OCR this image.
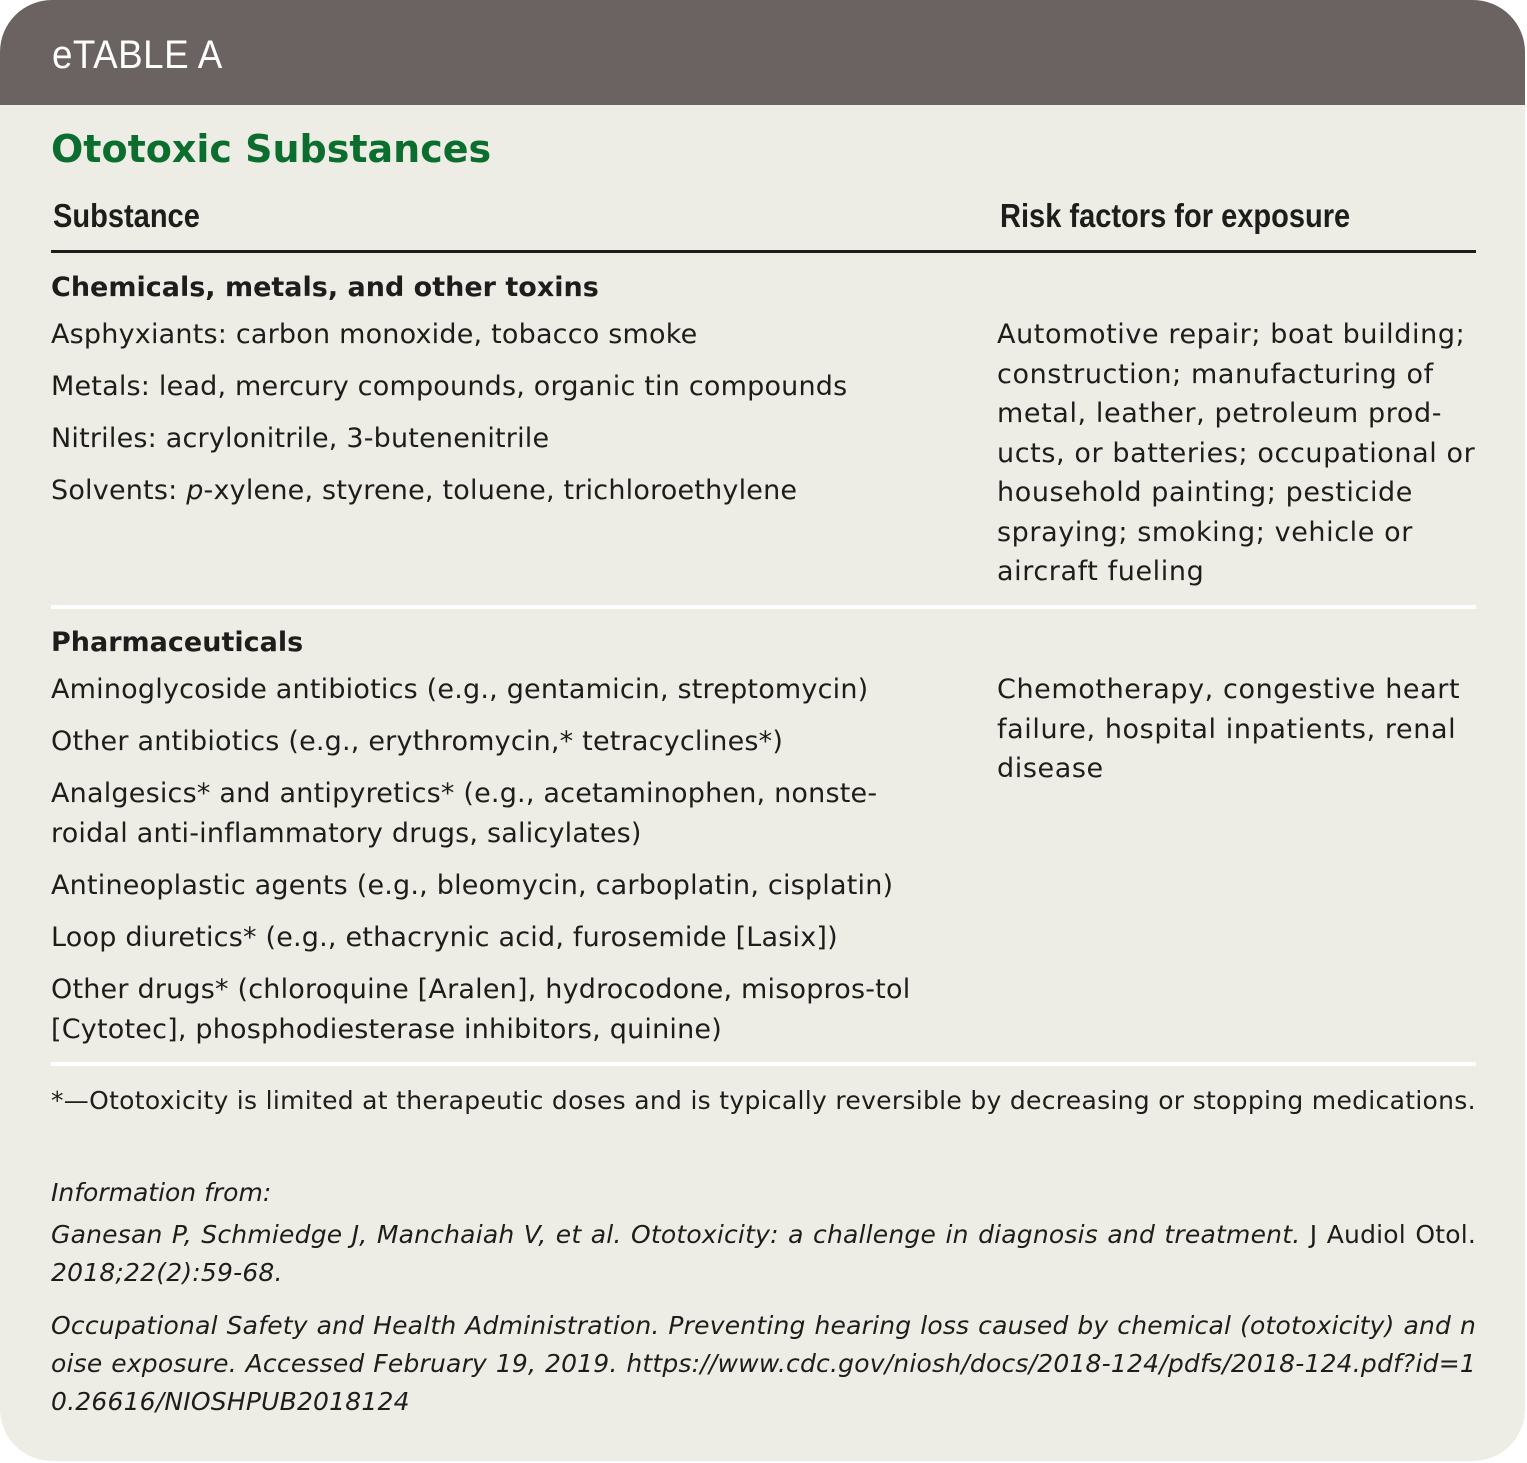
eTABLE A
Ototoxic Substances
Substance	Risk factors for exposure
Chemicals, metals, and other toxins
Asphyxiants: carbon monoxide, tobacco smoke
Metals: lead, mercury compounds, organic tin compounds
Nitriles: acrylonitrile, 3-butenenitrile
Solvents: p-xylene, styrene, toluene, trichloroethylene
Automotive repair; boat building; construction; manufacturing of metal, leather, petroleum prod-ucts, or batteries; occupational or household painting; pesticide spraying; smoking; vehicle or aircraft fueling
Pharmaceuticals
Aminoglycoside antibiotics (e.g., gentamicin, streptomycin)
Other antibiotics (e.g., erythromycin,* tetracyclines*)
Analgesics* and antipyretics* (e.g., acetaminophen, nonste-roidal anti-inflammatory drugs, salicylates)
Antineoplastic agents (e.g., bleomycin, carboplatin, cisplatin)
Loop diuretics* (e.g., ethacrynic acid, furosemide [Lasix])
Other drugs* (chloroquine [Aralen], hydrocodone, misopros-tol [Cytotec], phosphodiesterase inhibitors, quinine)
Chemotherapy, congestive heart failure, hospital inpatients, renal disease
*—Ototoxicity is limited at therapeutic doses and is typically reversible by decreasing or stopping medications.
Information from:
Ganesan P, Schmiedge J, Manchaiah V, et al. Ototoxicity: a challenge in diagnosis and treatment. J Audiol Otol. 2018;22(2):59-68.
Occupational Safety and Health Administration. Preventing hearing loss caused by chemical (ototoxicity) and noise exposure. Accessed February 19, 2019. https://www.cdc.gov/niosh/docs/2018-124/pdfs/2018-124.pdf?id=10.26616/NIOSHPUB2018124
